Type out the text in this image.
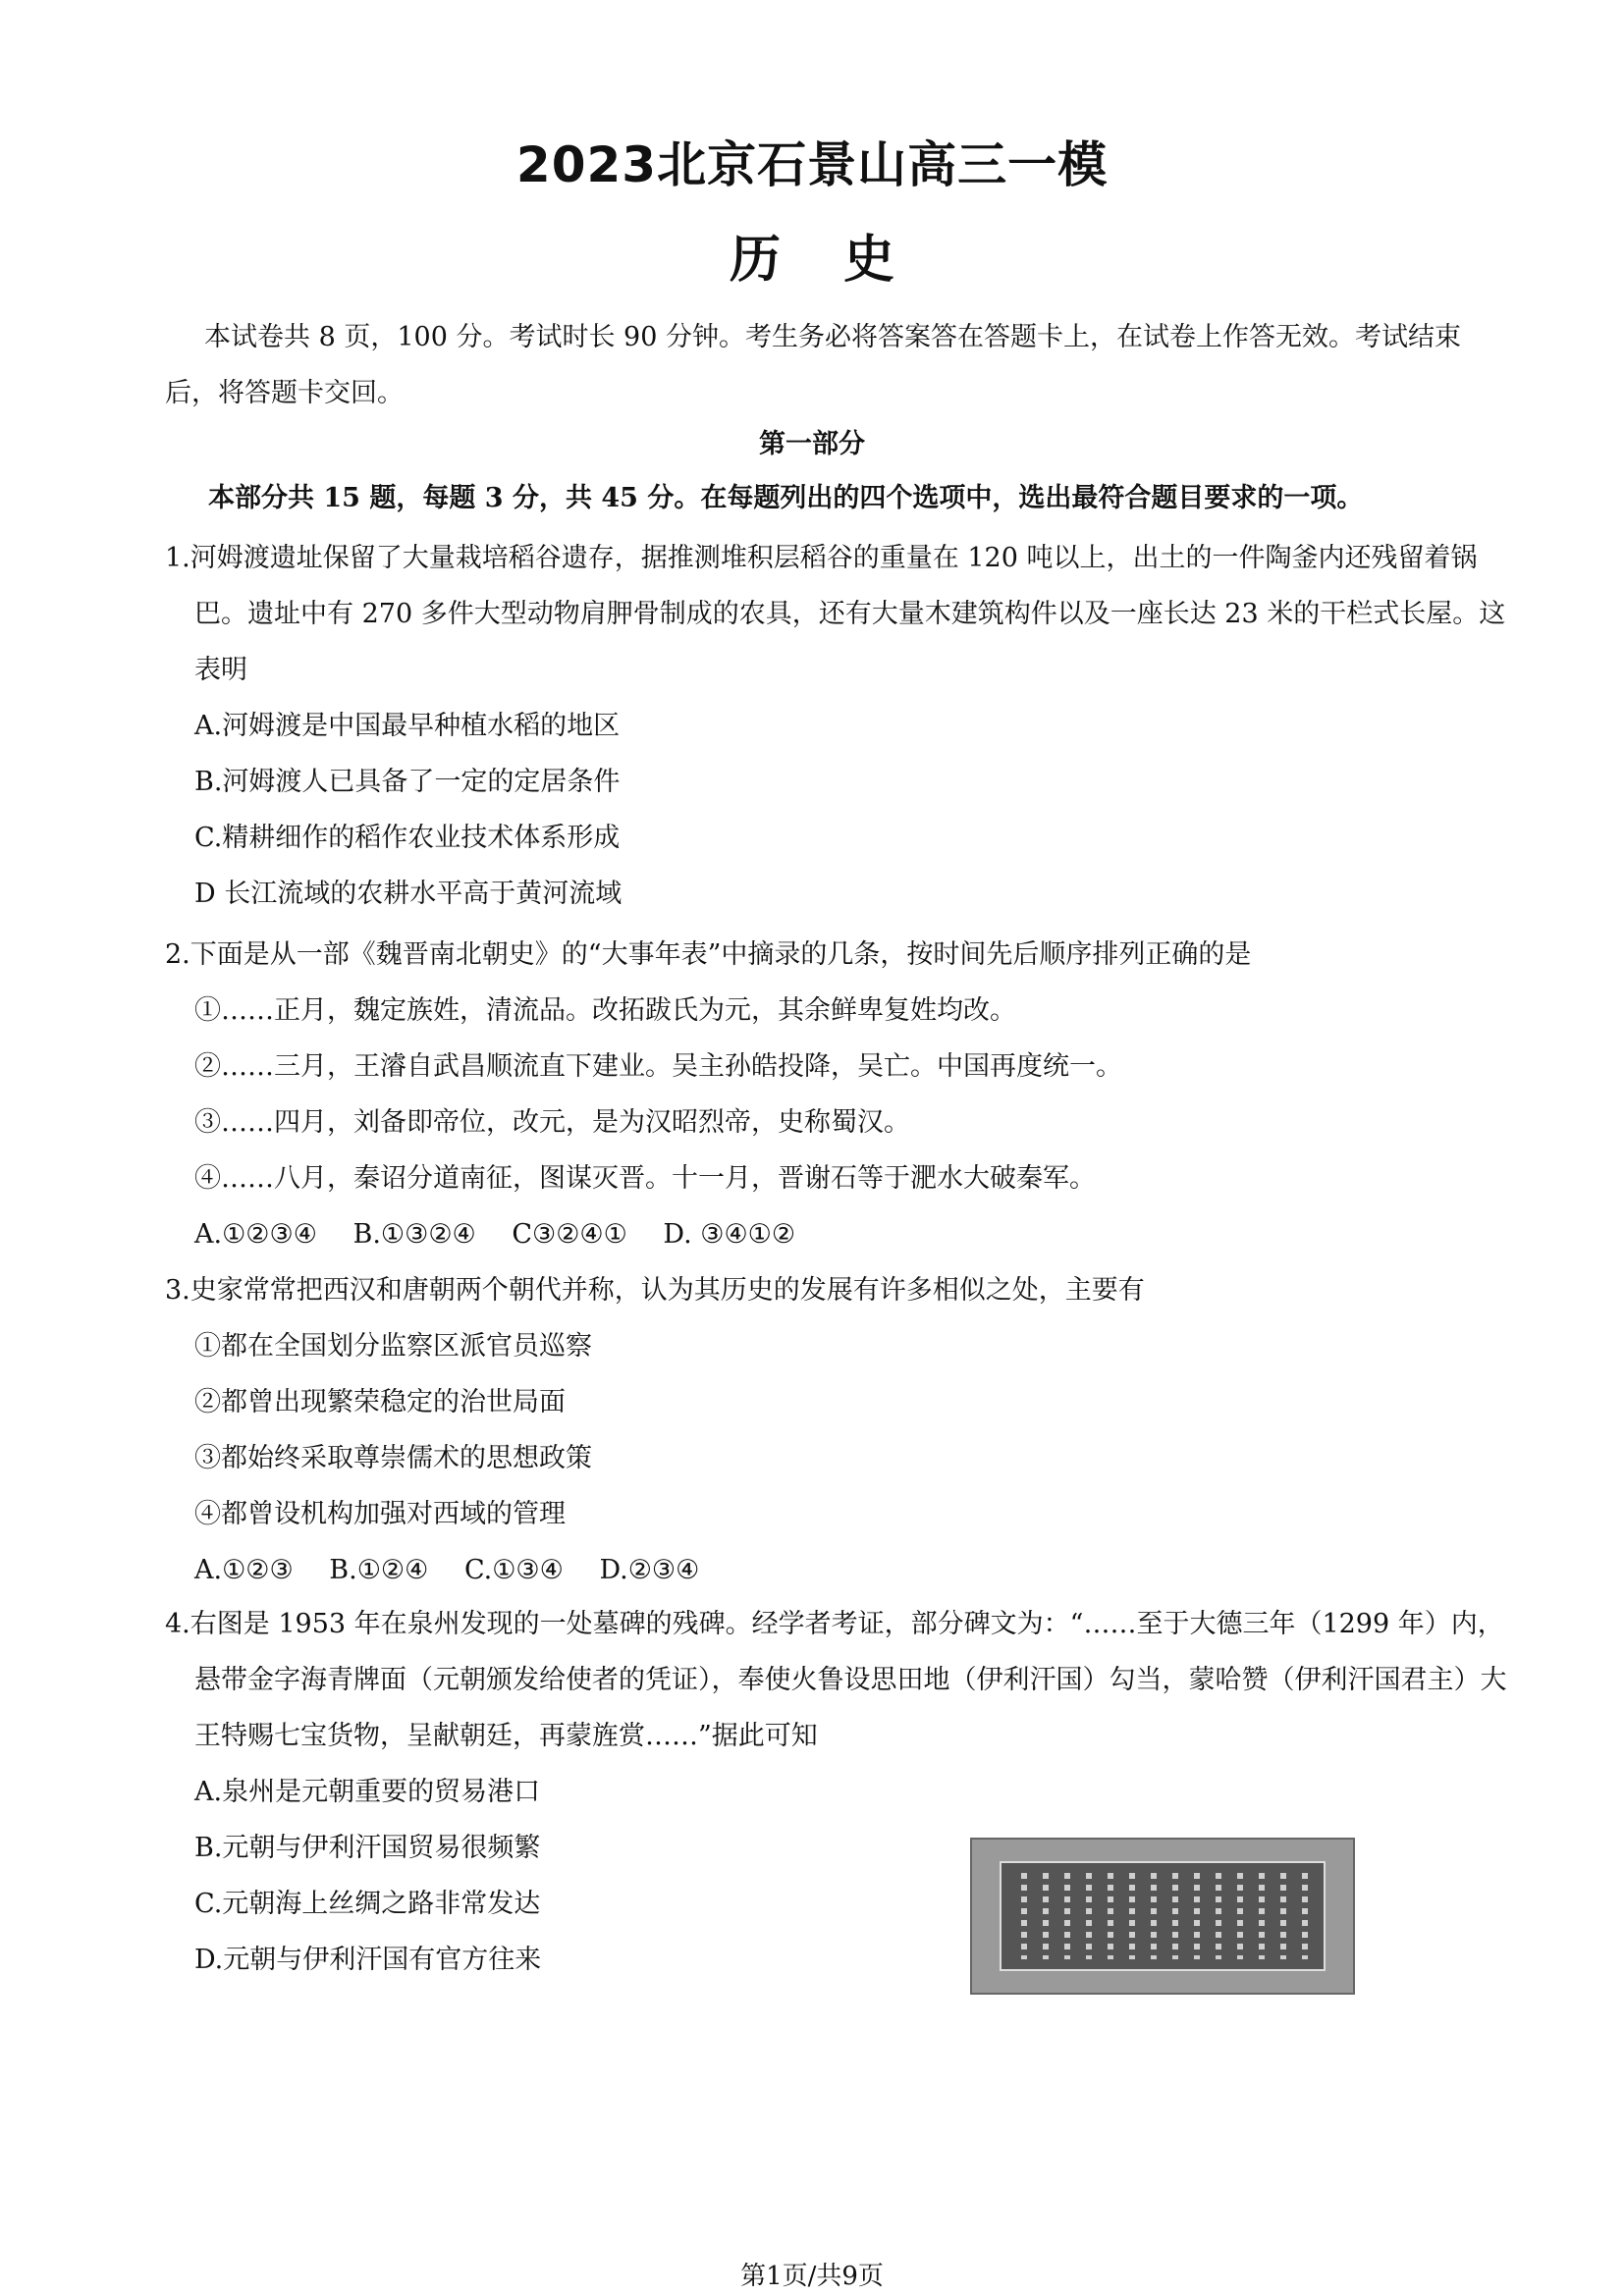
2023北京石景山高三一模
历史
本试卷共 8 页，100 分。考试时长 90 分钟。考生务必将答案答在答题卡上，在试卷上作答无效。考试结束后，将答题卡交回。
第一部分
本部分共 15 题，每题 3 分，共 45 分。在每题列出的四个选项中，选出最符合题目要求的一项。
1.河姆渡遗址保留了大量栽培稻谷遗存，据推测堆积层稻谷的重量在 120 吨以上，出土的一件陶釜内还残留着锅巴。遗址中有 270 多件大型动物肩胛骨制成的农具，还有大量木建筑构件以及一座长达 23 米的干栏式长屋。这表明
A.河姆渡是中国最早种植水稻的地区
B.河姆渡人已具备了一定的定居条件
C.精耕细作的稻作农业技术体系形成
D 长江流域的农耕水平高于黄河流域
2.下面是从一部《魏晋南北朝史》的“大事年表”中摘录的几条，按时间先后顺序排列正确的是
①……正月，魏定族姓，清流品。改拓跋氏为元，其余鲜卑复姓均改。
②……三月，王濬自武昌顺流直下建业。吴主孙皓投降，吴亡。中国再度统一。
③……四月，刘备即帝位，改元，是为汉昭烈帝，史称蜀汉。
④……八月，秦诏分道南征，图谋灭晋。十一月，晋谢石等于淝水大破秦军。
A.①②③④ B.①③②④ C③②④① D. ③④①②
3.史家常常把西汉和唐朝两个朝代并称，认为其历史的发展有许多相似之处，主要有
①都在全国划分监察区派官员巡察
②都曾出现繁荣稳定的治世局面
③都始终采取尊崇儒术的思想政策
④都曾设机构加强对西域的管理
A.①②③ B.①②④ C.①③④ D.②③④
4.右图是 1953 年在泉州发现的一处墓碑的残碑。经学者考证，部分碑文为：“……至于大德三年（1299 年）内，悬带金字海青牌面（元朝颁发给使者的凭证），奉使火鲁设思田地（伊利汗国）勾当，蒙哈赞（伊利汗国君主）大王特赐七宝货物，呈献朝廷，再蒙旌赏……”据此可知
A.泉州是元朝重要的贸易港口
B.元朝与伊利汗国贸易很频繁
C.元朝海上丝绸之路非常发达
D.元朝与伊利汗国有官方往来
第1页/共9页
